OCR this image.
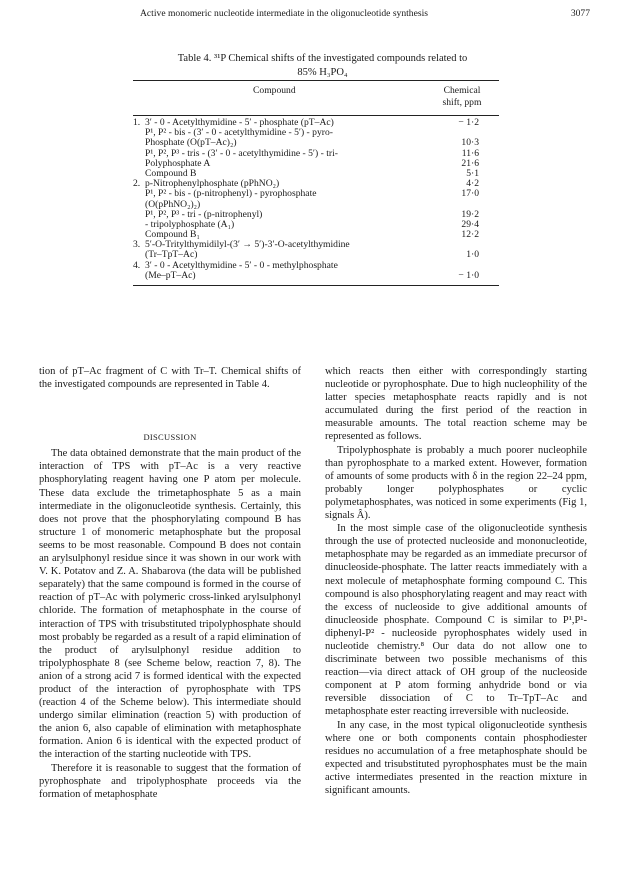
Active monomeric nucleotide intermediate in the oligonucleotide synthesis	3077
Table 4. ³¹P Chemical shifts of the investigated compounds related to
85% H₃PO₄
Compound	Chemical
shift, ppm
1. 3′ - 0 - Acetylthymidine - 5′ - phosphate (pT–Ac)	− 1·2
P¹, P² - bis - (3′ - 0 - acetylthymidine - 5′) - pyro-
Phosphate (O(pT–Ac)₂)	10·3
P¹, P², P³ - tris - (3′ - 0 - acetylthymidine - 5′) - tri-	11·6
Polyphosphate A	21·6
Compound B	5·1
2. p-Nitrophenylphosphate (pPhNO₂)	4·2
P¹, P² - bis - (p-nitrophenyl) - pyrophosphate	17·0
(O(pPhNO₂)₂)
P¹, P², P³ - tri - (p-nitrophenyl)	19·2
- tripolyphosphate (A₁)	29·4
Compound B₁	12·2
3. 5′-O-Tritylthymidilyl-(3′ → 5′)-3′-O-acetylthymidine
(Tr–TpT–Ac)	1·0
4. 3′ - 0 - Acetylthymidine - 5′ - 0 - methylphosphate
(Me–pT–Ac)	− 1·0

tion of pT–Ac fragment of C with Tr–T. Chemical shifts of the investigated compounds are represented in Table 4.

DISCUSSION

The data obtained demonstrate that the main product of the interaction of TPS with pT–Ac is a very reactive phosphorylating reagent having one P atom per molecule. These data exclude the trimetaphosphate 5 as a main intermediate in the oligonucleotide synthesis. Certainly, this does not prove that the phosphorylating compound B has structure 1 of monomeric metaphosphate but the proposal seems to be most reasonable. Compound B does not contain an arylsulphonyl residue since it was shown in our work with V. K. Potatov and Z. A. Shabarova (the data will be published separately) that the same compound is formed in the course of reaction of pT–Ac with polymeric cross-linked arylsulphonyl chloride. The formation of metaphosphate in the course of interaction of TPS with trisubstituted tripolyphosphate should most probably be regarded as a result of a rapid elimination of the product of arylsulphonyl residue addition to tripolyphosphate 8 (see Scheme below, reaction 7, 8). The anion of a strong acid 7 is formed identical with the expected product of the interaction of pyrophosphate with TPS (reaction 4 of the Scheme below). This intermediate should undergo similar elimination (reaction 5) with production of the anion 6, also capable of elimination with metaphosphate formation. Anion 6 is identical with the expected product of the interaction of the starting nucleotide with TPS.

Therefore it is reasonable to suggest that the formation of pyrophosphate and tripolyphosphate proceeds via the formation of metaphosphate

which reacts then either with correspondingly starting nucleotide or pyrophosphate. Due to high nucleophility of the latter species metaphosphate reacts rapidly and is not accumulated during the first period of the reaction in measurable amounts. The total reaction scheme may be represented as follows.

Tripolyphosphate is probably a much poorer nucleophile than pyrophosphate to a marked extent. However, formation of amounts of some products with δ in the region 22–24 ppm, probably longer polyphosphates or cyclic polymetaphosphates, was noticed in some experiments (Fig 1, signals Â).

In the most simple case of the oligonucleotide synthesis through the use of protected nucleoside and mononucleotide, metaphosphate may be regarded as an immediate precursor of dinucleoside-phosphate. The latter reacts immediately with a next molecule of metaphosphate forming compound C. This compound is also phosphorylating reagent and may react with the excess of nucleoside to give additional amounts of dinucleoside phosphate. Compound C is similar to P¹,P¹-diphenyl-P² - nucleoside pyrophosphates widely used in nucleotide chemistry.⁸ Our data do not allow one to discriminate between two possible mechanisms of this reaction—via direct attack of OH group of the nucleoside component at P atom forming anhydride bond or via reversible dissociation of C to Tr–TpT–Ac and metaphosphate ester reacting irreversible with nucleoside.

In any case, in the most typical oligonucleotide synthesis where one or both components contain phosphodiester residues no accumulation of a free metaphosphate should be expected and trisubstituted pyrophosphates must be the main active intermediates presented in the reaction mixture in significant amounts.
